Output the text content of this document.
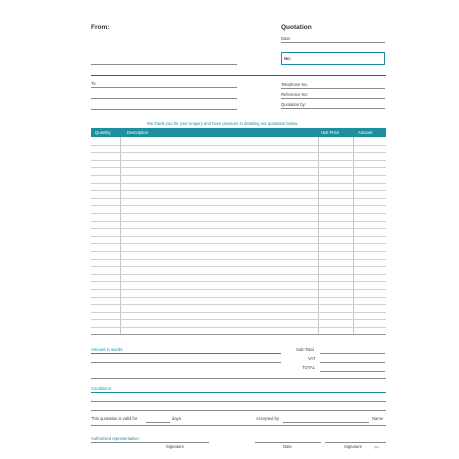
From:	Quotation
Date:
No:
To:	Telephone No.
Reference No:
Quotation by:
We thank you for your enquiry and have pleasure in detailing our quotation below.
Quantity	Description	Unit Price	Amount
Amount in words:	Sub-Total
VAT
TOTAL
Conditions:
This quotation is valid for	days.	Accepted by	Name
Authorised representative:
Signature	Date	Signature	Q1a
